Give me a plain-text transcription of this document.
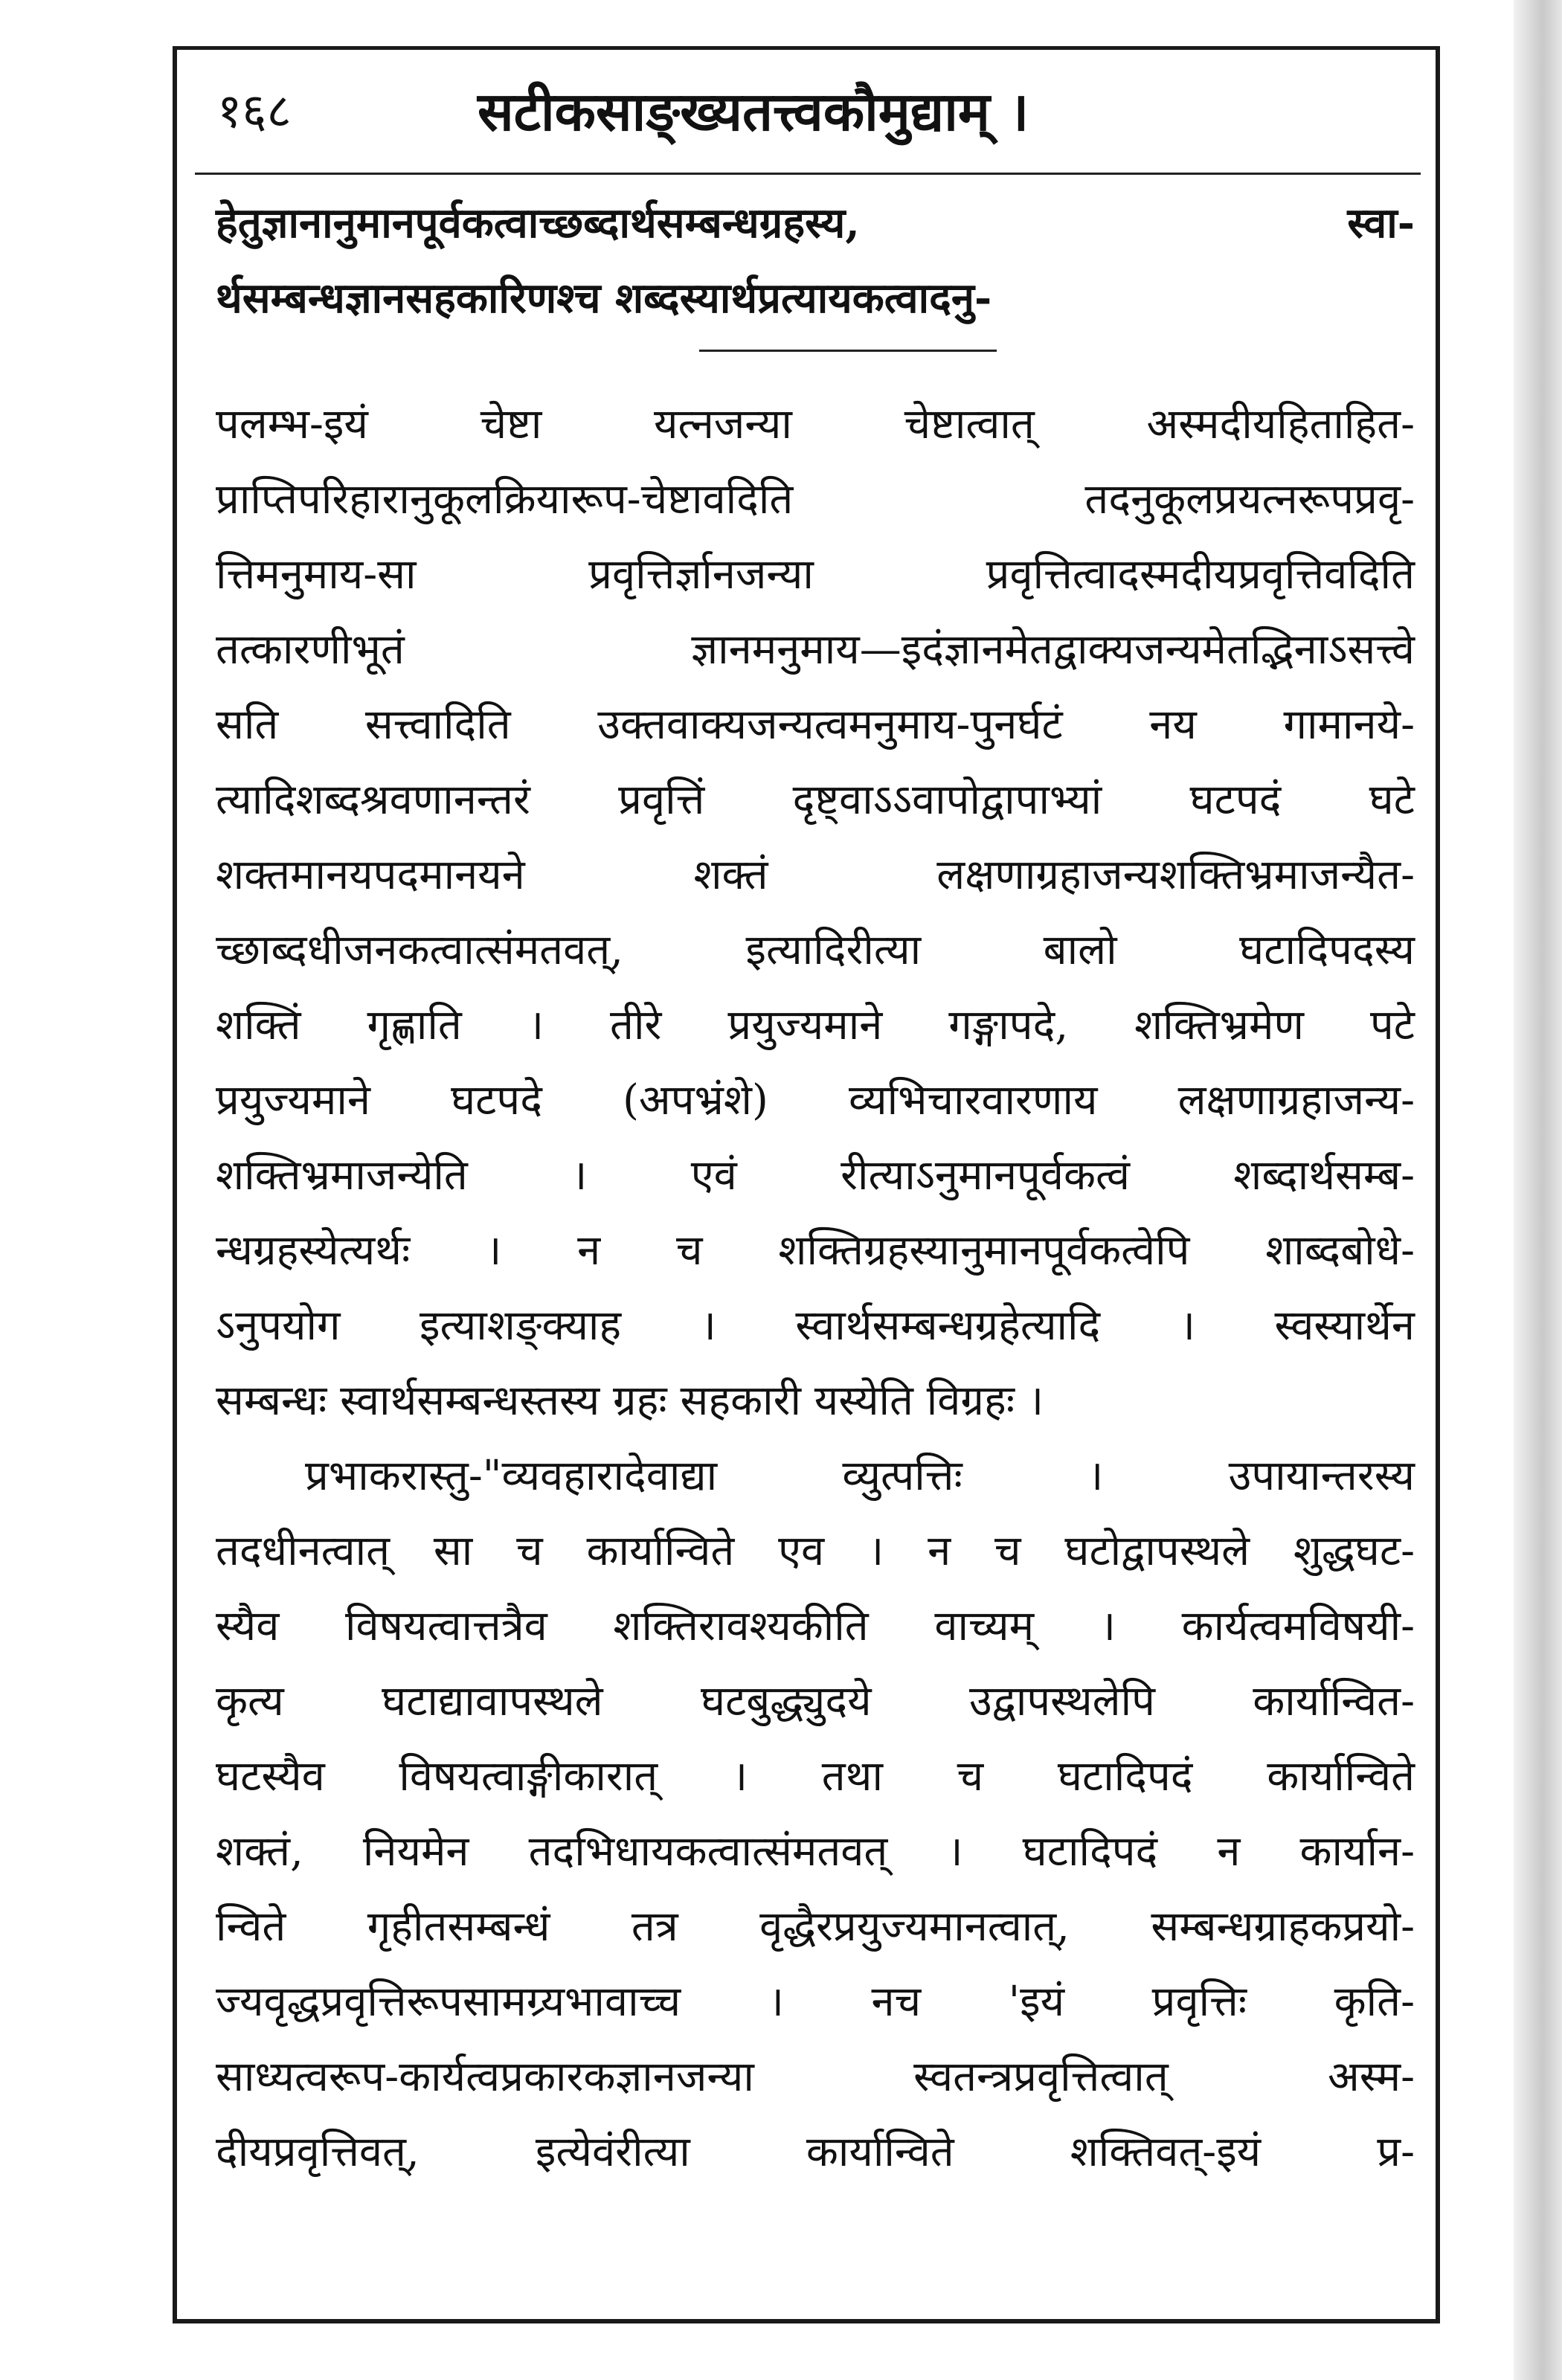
१६८	सटीकसाङ्ख्यतत्त्वकौमुद्याम् ।
हेतुज्ञानानुमानपूर्वकत्वाच्छब्दार्थसम्बन्धग्रहस्य, स्वा-
र्थसम्बन्धज्ञानसहकारिणश्च शब्दस्यार्थप्रत्यायकत्वादनु-
पलम्भ-इयं चेष्टा यत्नजन्या चेष्टात्वात् अस्मदीयहिताहित-
प्राप्तिपरिहारानुकूलक्रियारूप-चेष्टावदिति तदनुकूलप्रयत्नरूपप्रवृ-
त्तिमनुमाय-सा प्रवृत्तिर्ज्ञानजन्या प्रवृत्तित्वादस्मदीयप्रवृत्तिवदिति
तत्कारणीभूतं ज्ञानमनुमाय—इदंज्ञानमेतद्वाक्यजन्यमेतद्भिनाऽसत्त्वे
सति सत्त्वादिति उक्तवाक्यजन्यत्वमनुमाय-पुनर्घटं नय गामानये-
त्यादिशब्दश्रवणानन्तरं प्रवृत्तिं दृष्ट्वाऽऽवापोद्वापाभ्यां घटपदं घटे
शक्तमानयपदमानयने शक्तं लक्षणाग्रहाजन्यशक्तिभ्रमाजन्यैत-
च्छाब्दधीजनकत्वात्संमतवत्, इत्यादिरीत्या बालो घटादिपदस्य
शक्तिं गृह्णाति । तीरे प्रयुज्यमाने गङ्गापदे, शक्तिभ्रमेण पटे
प्रयुज्यमाने घटपदे (अपभ्रंशे) व्यभिचारवारणाय लक्षणाग्रहाजन्य-
शक्तिभ्रमाजन्येति । एवं रीत्याऽनुमानपूर्वकत्वं शब्दार्थसम्ब-
न्धग्रहस्येत्यर्थः । न च शक्तिग्रहस्यानुमानपूर्वकत्वेपि शाब्दबोधे-
ऽनुपयोग इत्याशङ्क्याह । स्वार्थसम्बन्धग्रहेत्यादि । स्वस्यार्थेन
सम्बन्धः स्वार्थसम्बन्धस्तस्य ग्रहः सहकारी यस्येति विग्रहः ।
प्रभाकरास्तु-"व्यवहारादेवाद्या व्युत्पत्तिः । उपायान्तरस्य
तदधीनत्वात् सा च कार्यान्विते एव । न च घटोद्वापस्थले शुद्धघट-
स्यैव विषयत्वात्तत्रैव शक्तिरावश्यकीति वाच्यम् । कार्यत्वमविषयी-
कृत्य घटाद्यावापस्थले घटबुद्ध्युदये उद्वापस्थलेपि कार्यान्वित-
घटस्यैव विषयत्वाङ्गीकारात् । तथा च घटादिपदं कार्यान्विते
शक्तं, नियमेन तदभिधायकत्वात्संमतवत् । घटादिपदं न कार्यान-
न्विते गृहीतसम्बन्धं तत्र वृद्धैरप्रयुज्यमानत्वात्, सम्बन्धग्राहकप्रयो-
ज्यवृद्धप्रवृत्तिरूपसामग्र्यभावाच्च । नच 'इयं प्रवृत्तिः कृति-
साध्यत्वरूप-कार्यत्वप्रकारकज्ञानजन्या स्वतन्त्रप्रवृत्तित्वात् अस्म-
दीयप्रवृत्तिवत्, इत्येवंरीत्या कार्यान्विते शक्तिवत्-इयं प्र-
